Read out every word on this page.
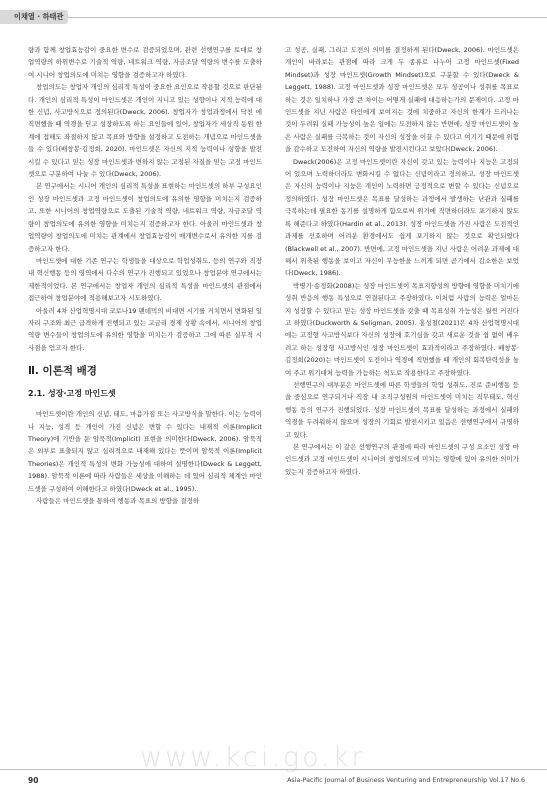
이채열 · 하태관

량과 함께 창업효능감이 중요한 변수로 검증되었으며, 관련 선행연구를 토대로 창업역량의 하위변수로 기술적 역량, 네트워크 역량, 자금조달 역량의 변수를 도출하여 시니어 창업의도에 미치는 영향을 검증하고자 하였다.

창업의도는 창업자 개인의 심리적 특성이 중요한 요인으로 작용할 것으로 판단된다. 개인의 심리적 특성이 마인드셋은 개인이 지니고 있는 성향이나 지적 능력에 대한 신념, 사고방식으로 정의된다(Dweck, 2006). 창업자가 창업과정에서 닥친 에 직면했을 때 역경을 딛고 성장하도록 하는 요인들에 있어, 창업자가 세상직 동원 한계에 접해도 좌절하지 않고 목표와 방향을 설정하고 도전하는 개념으로 마인드셋을 들 수 있다(배창봉·김정희, 2020). 마인드셋은 자신의 지적 능력이나 성향을 발전시킬 수 있다고 믿는 성장 마인드셋과 변하지 않는 고정된 자질을 믿는 고정 마인드셋으로 구분하여 나눌 수 있다(Dweck, 2006).

본 연구에서는 시니어 개인의 심리적 특성을 표현하는 마인드셋의 하부 구성요인인 성장 마인드셋과 고정 마인드셋이 창업의도에 유의한 영향을 미치는지 검증하고, 또한 시니어의 창업역량으로 도출된 기술적 역량, 네트워크 역량, 자금조달 역량이 창업의도에 유의한 영향을 미치는지 검증하고자 한다. 아울러 마인드셋과 창업역량이 창업의도에 미치는 관계에서 창업효능감이 매개변수로서 유의한 지를 검증하고자 한다.

마인드셋에 대한 기존 연구는 학생들을 대상으로 학업성취도, 등의 연구와 직장 내 혁신행동 등의 영역에서 다수의 연구가 진행되고 있었으나 창업분야 연구에서는 제한적이었다. 본 연구에서는 창업자 개인의 심리적 특성을 마인드셋의 관점에서 접근하여 창업분야에 적용해보고자 시도하였다.

아울러 4차 산업혁명시대 코로나19 팬데믹의 비대면 시기를 거치면서 변화된 일자리 구조와 최근 급격하게 진행되고 있는 고금리 경제 상황 속에서, 시니어의 창업역량 변수들이 창업의도에 유의한 영향을 미치는가 검증하고 그에 따른 실무적 시사점을 얻고자 한다.

Ⅱ. 이론적 배경
2.1. 성장·고정 마인드셋

마인드셋이란 개인의 신념, 태도, 마음가짐 또는 사고방식을 말한다. 이는 능력이나 지능, 성격 등 개인이 가진 신념은 변할 수 있다는 내재적 이론(Implicit Theory)에 기반을 둔 암묵적(Implicit) 표현을 의미한다(Dweck, 2006). 암묵적은 외부로 표출되지 않고 심리적으로 내재해 있다는 뜻이며 암묵적 이론(Implicit Theories)은 개인적 특성의 변화 가능성에 대하여 설명한다(Dweck & Leggett, 1988). 암묵적 이론에 따라 사람들은 세상을 이해하는 데 있어 심리적 체계인 마인드셋을 구성하여 이해한다고 하였다(Dweck et al., 1995).

사람들은 마인드셋을 통하여 행동과 목표의 방향을 결정하

고 성공, 실패, 그리고 도전의 의미를 결정하게 된다(Dweck, 2006). 마인드셋은 개인이 바라보는 관점에 따라 크게 두 종류로 나누어 고정 마인드셋(Fixed Mindset)과 성장 마인드셋(Growth Mindset)으로 구분할 수 있다(Dweck & Leggett, 1988). 고정 마인드셋과 성장 마인드셋은 모두 성공이나 성취를 목표로 하는 것은 일치하나 가장 큰 차이는 어떻게 실패에 대응하는가의 문제이다. 고정 마인드셋을 지닌 사람은 타인에게 보여지는 것에 치중하고 자신의 한계가 드러나는 것이 두려워 실패 가능성이 높은 일에는 도전하지 않는 반면에, 성장 마인드셋이 높은 사람은 실패를 극복하는 것이 자신의 성장을 이끌 수 있다고 여기기 때문에 위험을 감수하고 도전하여 자신의 역량을 발전시킨다고 보았다(Dweck, 2006).

Dweck(2006)은 고정 마인드셋이란 자신이 갖고 있는 능력이나 지능은 고정되어 있으며 노력하더라도 변화시킬 수 없다는 신념이라고 정의하고, 성장 마인드셋은 자신의 능력이나 지능은 개인이 노력하면 긍정적으로 변할 수 있다는 신념으로 정의하였다. 성장 마인드셋은 목표를 달성하는 과정에서 발생하는 난관과 실패를 극복하는데 필요한 동기를 설명하게 함으로써 위기에 직면하더라도 포기하지 않도록 해준다고 하였다(Hardin et al., 2013). 성장 마인드셋을 가진 사람은 도전적인 과제를 선호하며 어려운 환경에서도 쉽게 포기하지 않는 것으로 확인되었다(Blackwell et al., 2007). 반면에, 고정 마인드셋을 지닌 사람은 어려운 과제에 대해서 위축된 행동을 보이고 자신이 무능한을 느끼게 되면 곧기에서 감소한은 보었다(Dweck, 1986).

박병기·송정화(2008)는 성장 마인드셋이 목표지향성의 방향에 영향을 미치기에 성취 반응의 행동 특성으로 연결된다고 주장하였다. 이처럼 사람의 능력은 얼마든지 성장할 수 있다고 믿는 성장 마인드셋을 갖출 때 목표성취 가능성은 월씬 커진다고 하였다(Duckworth & Seligman, 2005). 홍성철(2021)은 4차 산업혁명시대에는 고정형 사고방식보다 자신의 성장에 호기심을 갖고 새로운 것을 쉽 없이 배우려고 하는 성장형 사고방식인 성장 마인드셋이 효과적이라고 주장하였다. 배창봉·김정희(2020)는 마인드셋이 도전이나 역경에 직면했을 때 개인의 회복탄력성을 높여 주고 위기대처 능력을 가늠하는 척도로 작용한다고 주장하였다.

선행연구의 대부분은 마인드셋에 따른 학생들의 학업 성취도, 진로 준비행동 등을 중심으로 연구되거나 직장 내 조직구성원의 마인드셋이 미치는 직무태도, 혁신행동 등의 연구가 진행되었다. 성장 마인드셋이 목표를 달성하는 과정에서 실패와 역경을 두려워하지 않으며 성장의 기회로 발전시키고 있음은 선행연구에서 규명하고 있다.

본 연구에서는 이 같은 선행연구의 관점에 따라 마인드셋의 구성 요소인 성장 마인드셋과 고정 마인드셋이 시니어의 창업의도에 미치는 영향에 있어 유의한 의미가 있는지 검증하고자 하였다.

www.kci.go.kr
90	Asia-Pacific Journal of Business Venturing and Entrepreneurship Vol.17 No.6
